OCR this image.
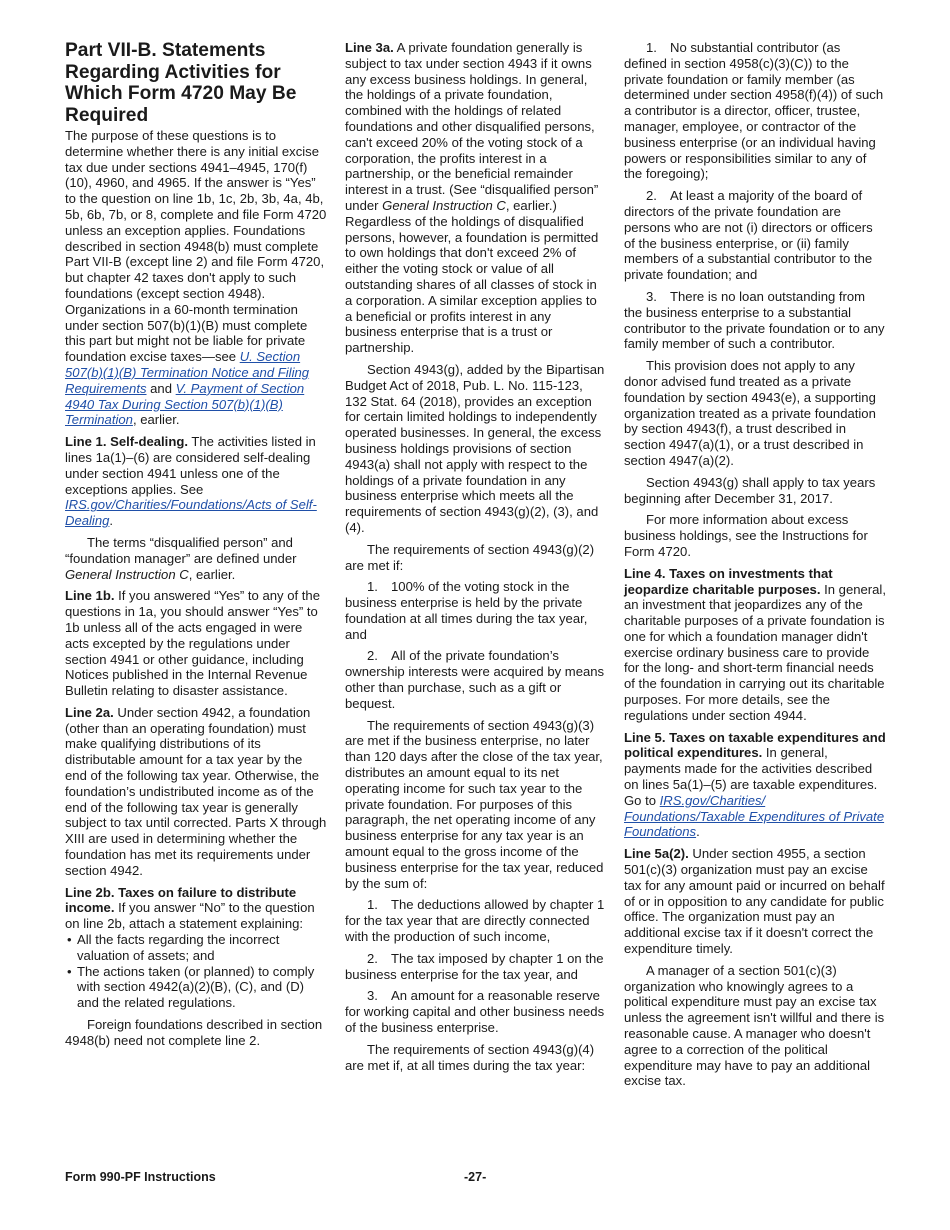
Part VII-B. Statements Regarding Activities for Which Form 4720 May Be Required

The purpose of these questions is to determine whether there is any initial excise tax due under sections 4941–4945, 170(f)(10), 4960, and 4965. If the answer is “Yes” to the question on line 1b, 1c, 2b, 3b, 4a, 4b, 5b, 6b, 7b, or 8, complete and file Form 4720 unless an exception applies. Foundations described in section 4948(b) must complete Part VII-B (except line 2) and file Form 4720, but chapter 42 taxes don't apply to such foundations (except section 4948). Organizations in a 60-month termination under section 507(b)(1)(B) must complete this part but might not be liable for private foundation excise taxes—see U. Section 507(b)(1)(B) Termination Notice and Filing Requirements and V. Payment of Section 4940 Tax During Section 507(b)(1)(B) Termination, earlier.

Line 1. Self-dealing. The activities listed in lines 1a(1)–(6) are considered self-dealing under section 4941 unless one of the exceptions applies. See IRS.gov/Charities/Foundations/Acts of Self-Dealing.

The terms “disqualified person” and “foundation manager” are defined under General Instruction C, earlier.

Line 1b. If you answered “Yes” to any of the questions in 1a, you should answer “Yes” to 1b unless all of the acts engaged in were acts excepted by the regulations under section 4941 or other guidance, including Notices published in the Internal Revenue Bulletin relating to disaster assistance.

Line 2a. Under section 4942, a foundation (other than an operating foundation) must make qualifying distributions of its distributable amount for a tax year by the end of the following tax year. Otherwise, the foundation’s undistributed income as of the end of the following tax year is generally subject to tax until corrected. Parts X through XIII are used in determining whether the foundation has met its requirements under section 4942.

Line 2b. Taxes on failure to distribute income. If you answer “No” to the question on line 2b, attach a statement explaining:

• All the facts regarding the incorrect valuation of assets; and

• The actions taken (or planned) to comply with section 4942(a)(2)(B), (C), and (D) and the related regulations.

Foreign foundations described in section 4948(b) need not complete line 2.

Line 3a. A private foundation generally is subject to tax under section 4943 if it owns any excess business holdings. In general, the holdings of a private foundation, combined with the holdings of related foundations and other disqualified persons, can't exceed 20% of the voting stock of a corporation, the profits interest in a partnership, or the beneficial remainder interest in a trust. (See “disqualified person” under General Instruction C, earlier.) Regardless of the holdings of disqualified persons, however, a foundation is permitted to own holdings that don't exceed 2% of either the voting stock or value of all outstanding shares of all classes of stock in a corporation. A similar exception applies to a beneficial or profits interest in any business enterprise that is a trust or partnership.

Section 4943(g), added by the Bipartisan Budget Act of 2018, Pub. L. No. 115-123, 132 Stat. 64 (2018), provides an exception for certain limited holdings to independently operated businesses. In general, the excess business holdings provisions of section 4943(a) shall not apply with respect to the holdings of a private foundation in any business enterprise which meets all the requirements of section 4943(g)(2), (3), and (4).

The requirements of section 4943(g)(2) are met if:

1. 100% of the voting stock in the business enterprise is held by the private foundation at all times during the tax year, and

2. All of the private foundation’s ownership interests were acquired by means other than purchase, such as a gift or bequest.

The requirements of section 4943(g)(3) are met if the business enterprise, no later than 120 days after the close of the tax year, distributes an amount equal to its net operating income for such tax year to the private foundation. For purposes of this paragraph, the net operating income of any business enterprise for any tax year is an amount equal to the gross income of the business enterprise for the tax year, reduced by the sum of:

1. The deductions allowed by chapter 1 for the tax year that are directly connected with the production of such income,

2. The tax imposed by chapter 1 on the business enterprise for the tax year, and

3. An amount for a reasonable reserve for working capital and other business needs of the business enterprise.

The requirements of section 4943(g)(4) are met if, at all times during the tax year:

1. No substantial contributor (as defined in section 4958(c)(3)(C)) to the private foundation or family member (as determined under section 4958(f)(4)) of such a contributor is a director, officer, trustee, manager, employee, or contractor of the business enterprise (or an individual having powers or responsibilities similar to any of the foregoing);

2. At least a majority of the board of directors of the private foundation are persons who are not (i) directors or officers of the business enterprise, or (ii) family members of a substantial contributor to the private foundation; and

3. There is no loan outstanding from the business enterprise to a substantial contributor to the private foundation or to any family member of such a contributor.

This provision does not apply to any donor advised fund treated as a private foundation by section 4943(e), a supporting organization treated as a private foundation by section 4943(f), a trust described in section 4947(a)(1), or a trust described in section 4947(a)(2).

Section 4943(g) shall apply to tax years beginning after December 31, 2017.

For more information about excess business holdings, see the Instructions for Form 4720.

Line 4. Taxes on investments that jeopardize charitable purposes. In general, an investment that jeopardizes any of the charitable purposes of a private foundation is one for which a foundation manager didn't exercise ordinary business care to provide for the long- and short-term financial needs of the foundation in carrying out its charitable purposes. For more details, see the regulations under section 4944.

Line 5. Taxes on taxable expenditures and political expenditures. In general, payments made for the activities described on lines 5a(1)–(5) are taxable expenditures. Go to IRS.gov/Charities/ Foundations/Taxable Expenditures of Private Foundations.

Line 5a(2). Under section 4955, a section 501(c)(3) organization must pay an excise tax for any amount paid or incurred on behalf of or in opposition to any candidate for public office. The organization must pay an additional excise tax if it doesn't correct the expenditure timely.

A manager of a section 501(c)(3) organization who knowingly agrees to a political expenditure must pay an excise tax unless the agreement isn't willful and there is reasonable cause. A manager who doesn't agree to a correction of the political expenditure may have to pay an additional excise tax.

Form 990-PF Instructions	-27-
